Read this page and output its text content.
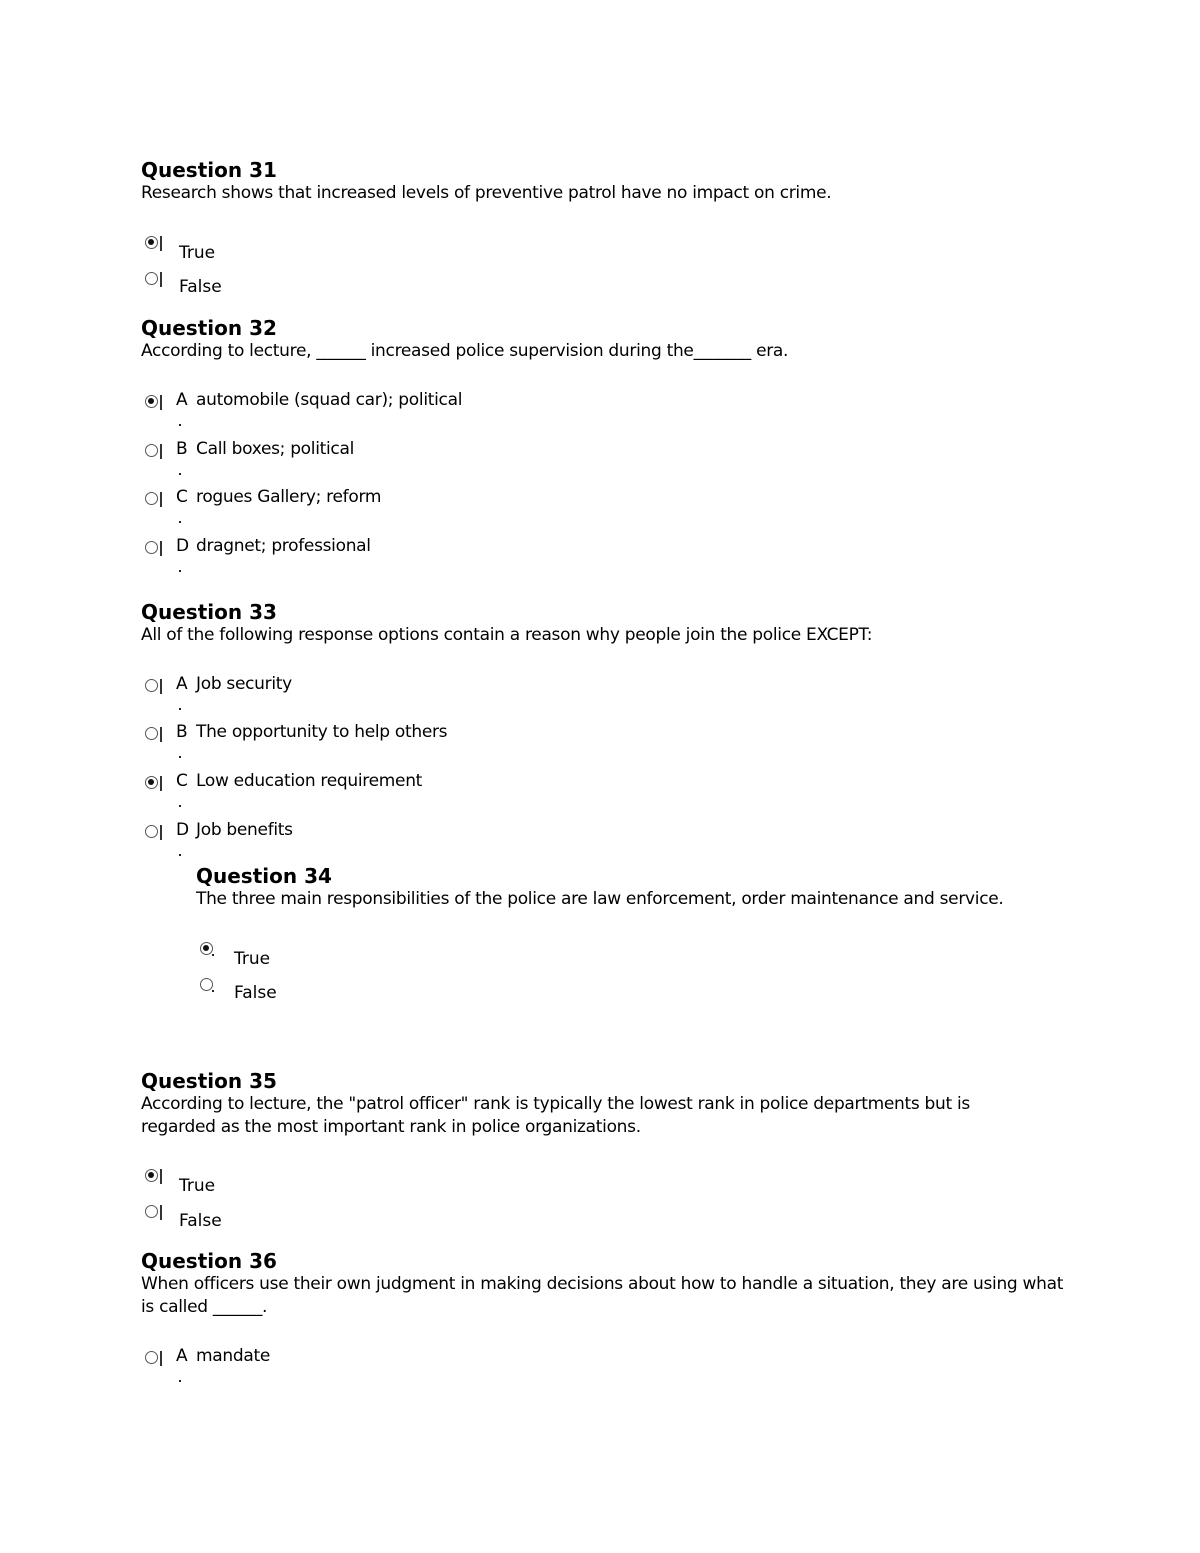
Question 31

Research shows that increased levels of preventive patrol have no impact on crime.

True
False
Question 32

According to lecture, ______ increased police supervision during the_______ era.

A automobile (squad car); political
B Call boxes; political
C rogues Gallery; reform
D dragnet; professional
Question 33

All of the following response options contain a reason why people join the police EXCEPT:

A Job security
B The opportunity to help others
C Low education requirement
D Job benefits
Question 34

The three main responsibilities of the police are law enforcement, order maintenance and service.

True
False
Question 35

According to lecture, the "patrol officer" rank is typically the lowest rank in police departments but is regarded as the most important rank in police organizations.

True
False
Question 36

When officers use their own judgment in making decisions about how to handle a situation, they are using what is called ______.

A mandate
